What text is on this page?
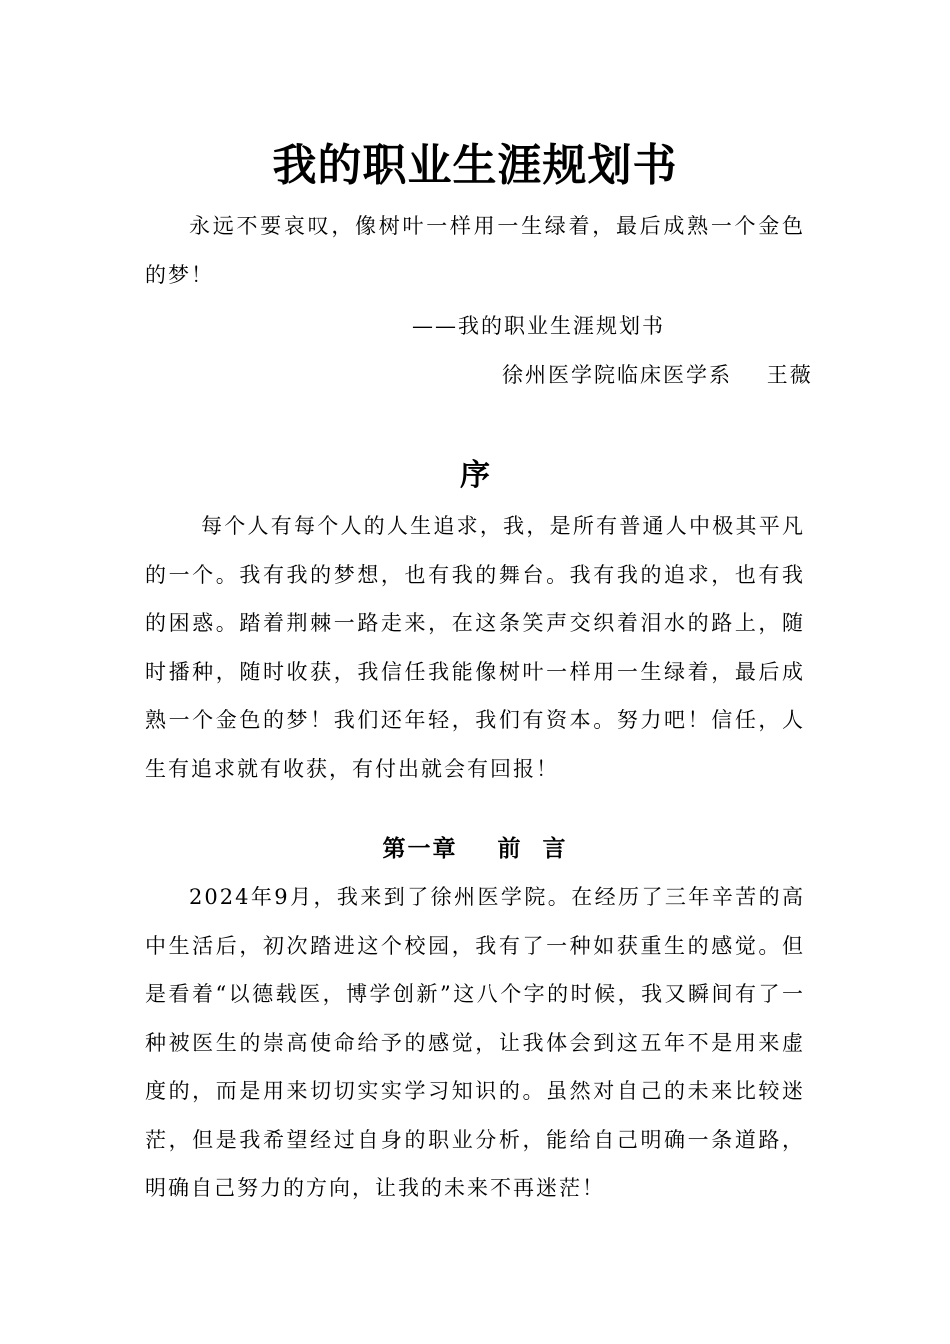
我的职业生涯规划书
永远不要哀叹，像树叶一样用一生绿着，最后成熟一个金色的梦！
——我的职业生涯规划书
徐州医学院临床医学系    王薇
序
每个人有每个人的人生追求，我，是所有普通人中极其平凡的一个。我有我的梦想，也有我的舞台。我有我的追求，也有我的困惑。踏着荆棘一路走来，在这条笑声交织着泪水的路上，随时播种，随时收获，我信任我能像树叶一样用一生绿着，最后成熟一个金色的梦！我们还年轻，我们有资本。努力吧！信任，人生有追求就有收获，有付出就会有回报！
第一章    前  言
2024年9月，我来到了徐州医学院。在经历了三年辛苦的高中生活后，初次踏进这个校园，我有了一种如获重生的感觉。但是看着“以德载医，博学创新”这八个字的时候，我又瞬间有了一种被医生的崇高使命给予的感觉，让我体会到这五年不是用来虚度的，而是用来切切实实学习知识的。虽然对自己的未来比较迷茫，但是我希望经过自身的职业分析，能给自己明确一条道路，明确自己努力的方向，让我的未来不再迷茫！
